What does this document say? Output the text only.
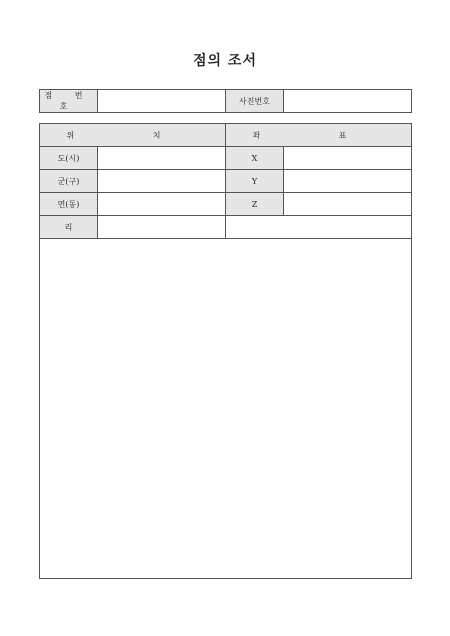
점의 조서
점 번 호		사진번호	
위 치		좌 표	
도(시)		X	
군(구)		Y	
면(동)		Z	
리			
